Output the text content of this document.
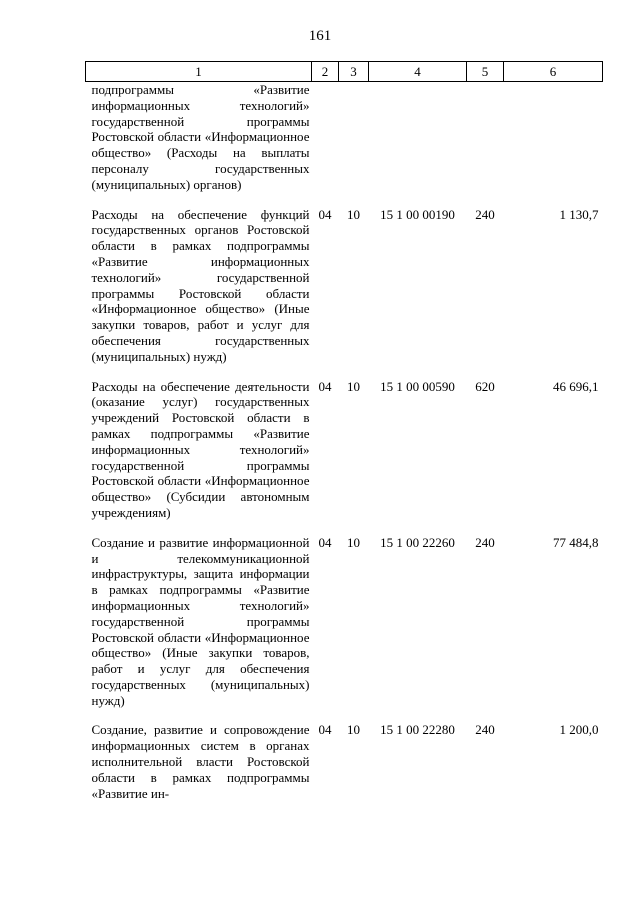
161
1	2	3	4	5	6
подпрограммы «Развитие информационных технологий» государственной программы Ростовской области «Информационное общество» (Расходы на выплаты персоналу государственных (муниципальных) органов)					
Расходы на обеспечение функций государственных органов Ростовской области в рамках подпрограммы «Развитие информационных технологий» государственной программы Ростовской области «Информационное общество» (Иные закупки товаров, работ и услуг для обеспечения государственных (муниципальных) нужд)	04	10	15 1 00 00190	240	1 130,7
Расходы на обеспечение деятельности (оказание услуг) государственных учреждений Ростовской области в рамках подпрограммы «Развитие информационных технологий» государственной программы Ростовской области «Информационное общество» (Субсидии автономным учреждениям)	04	10	15 1 00 00590	620	46 696,1
Создание и развитие информационной и телекоммуникационной инфраструктуры, защита информации в рамках подпрограммы «Развитие информационных технологий» государственной программы Ростовской области «Информационное общество» (Иные закупки товаров, работ и услуг для обеспечения государственных (муниципальных) нужд)	04	10	15 1 00 22260	240	77 484,8
Создание, развитие и сопровождение информационных систем в органах исполнительной власти Ростовской области в рамках подпрограммы «Развитие ин-	04	10	15 1 00 22280	240	1 200,0
